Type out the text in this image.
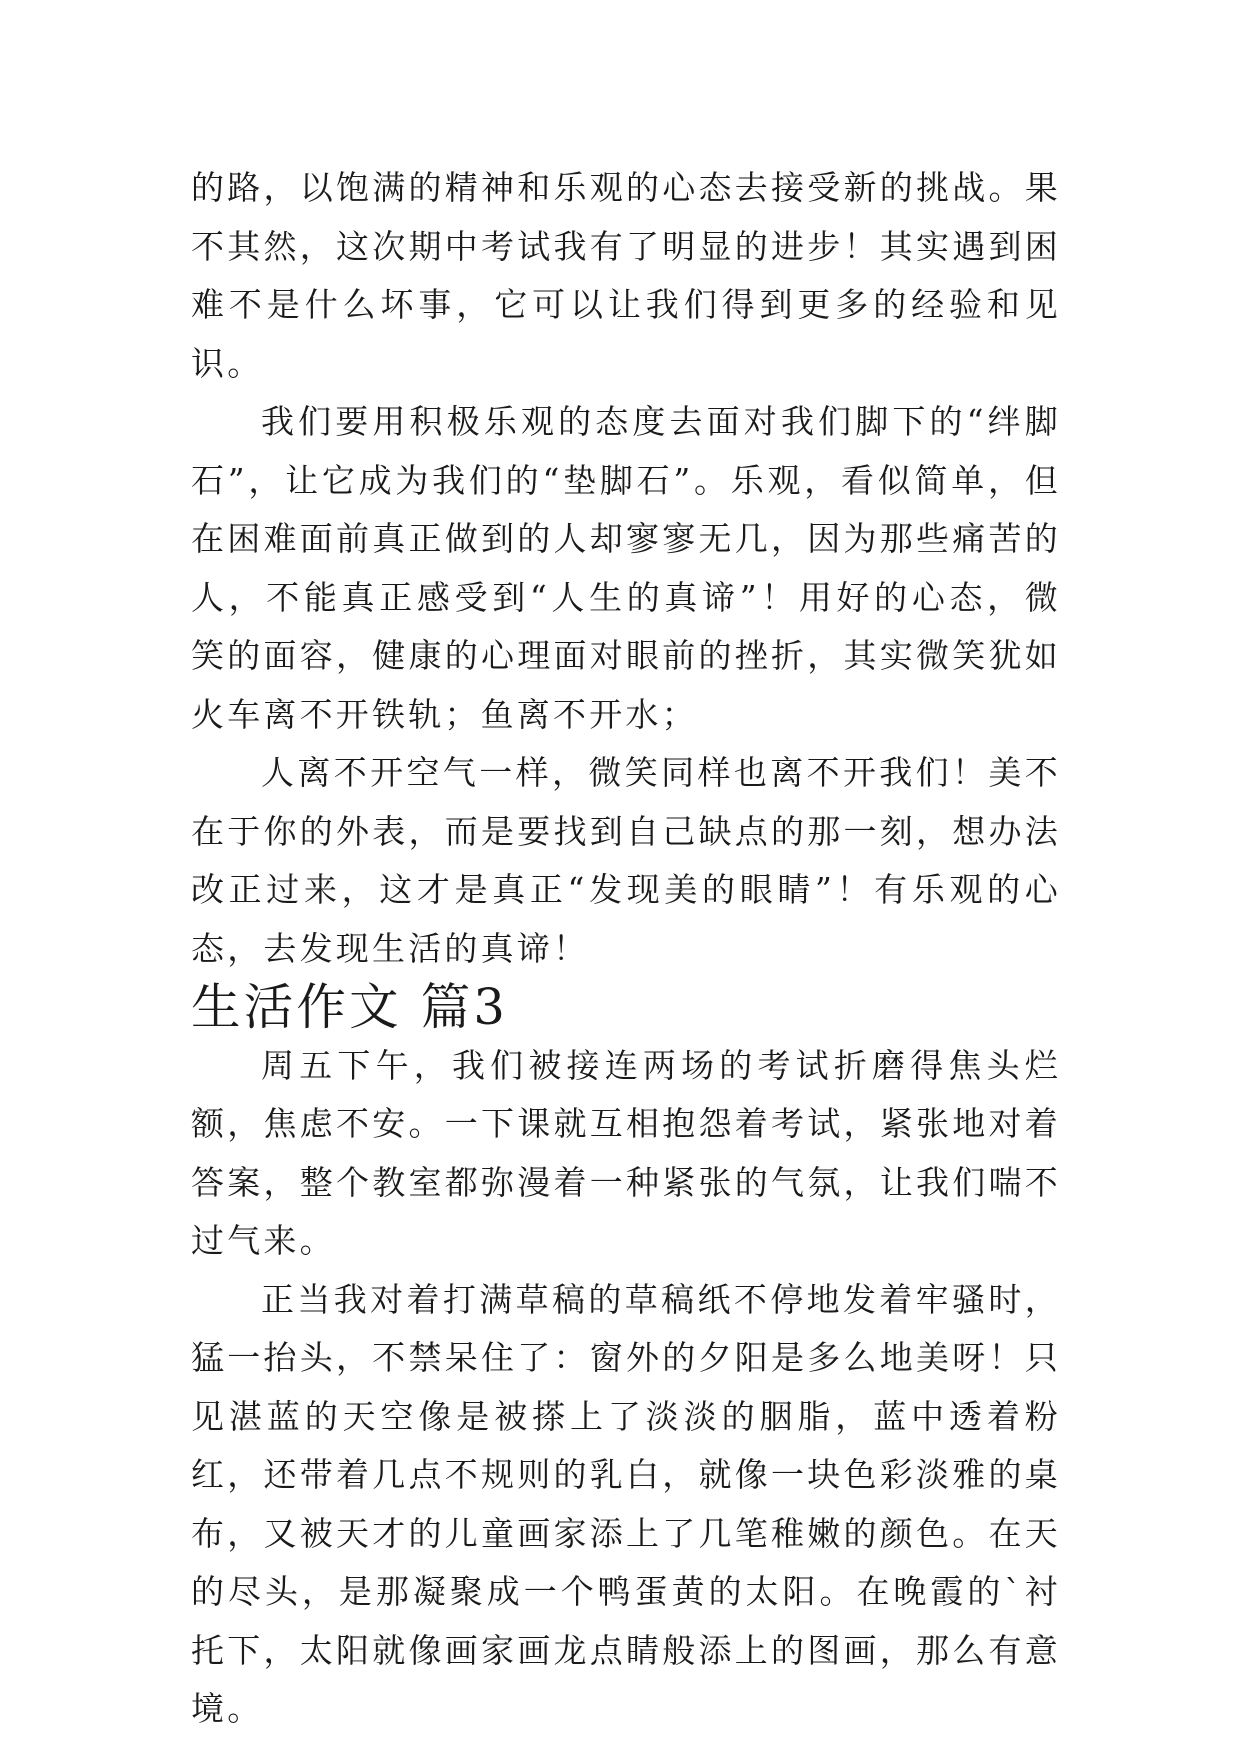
的路，以饱满的精神和乐观的心态去接受新的挑战。果不其然，这次期中考试我有了明显的进步！其实遇到困难不是什么坏事，它可以让我们得到更多的经验和见识。

我们要用积极乐观的态度去面对我们脚下的“绊脚石”，让它成为我们的“垫脚石”。乐观，看似简单，但在困难面前真正做到的人却寥寥无几，因为那些痛苦的人，不能真正感受到“人生的真谛”！用好的心态，微笑的面容，健康的心理面对眼前的挫折，其实微笑犹如火车离不开铁轨；鱼离不开水；

人离不开空气一样，微笑同样也离不开我们！美不在于你的外表，而是要找到自己缺点的那一刻，想办法改正过来，这才是真正“发现美的眼睛”！有乐观的心态，去发现生活的真谛！

生活作文 篇3

周五下午，我们被接连两场的考试折磨得焦头烂额，焦虑不安。一下课就互相抱怨着考试，紧张地对着答案，整个教室都弥漫着一种紧张的气氛，让我们喘不过气来。

正当我对着打满草稿的草稿纸不停地发着牢骚时，猛一抬头，不禁呆住了：窗外的夕阳是多么地美呀！只见湛蓝的天空像是被搽上了淡淡的胭脂，蓝中透着粉红，还带着几点不规则的乳白，就像一块色彩淡雅的桌布，又被天才的儿童画家添上了几笔稚嫩的颜色。在天的尽头，是那凝聚成一个鸭蛋黄的太阳。在晚霞的`衬托下，太阳就像画家画龙点睛般添上的图画，那么有意境。
